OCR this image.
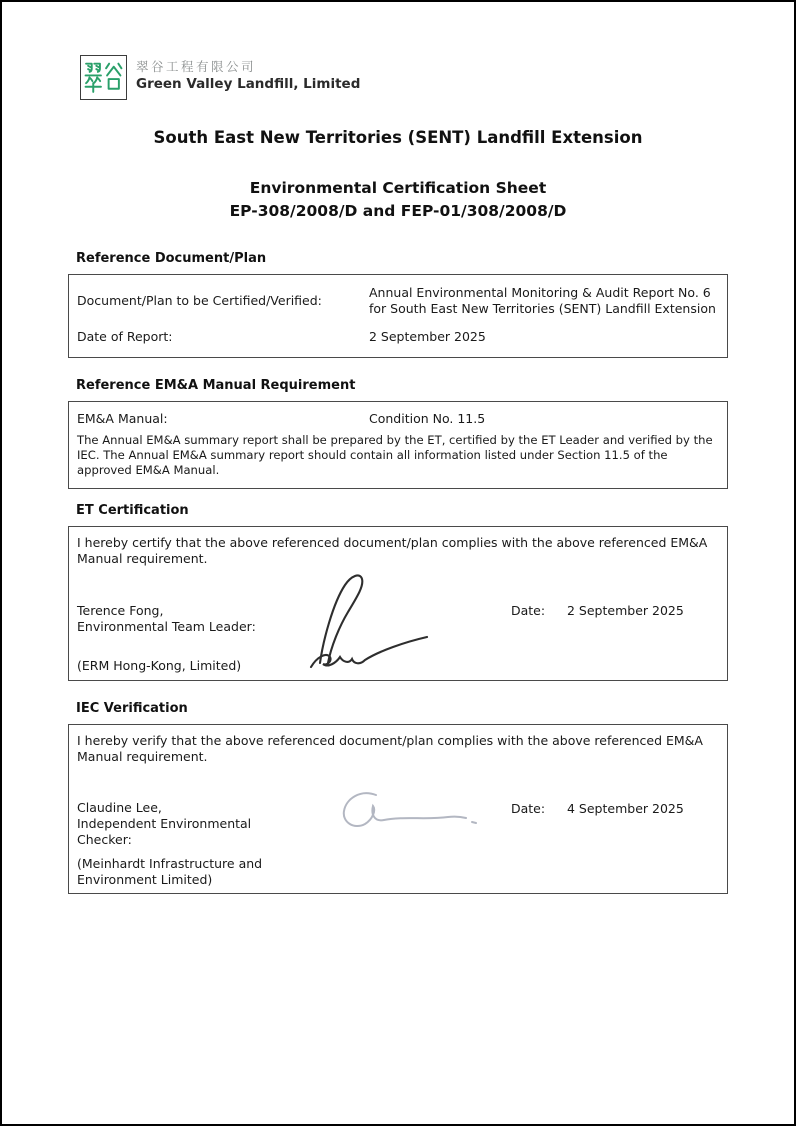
翠谷工程有限公司
Green Valley Landfill, Limited
South East New Territories (SENT) Landfill Extension
Environmental Certification Sheet
EP-308/2008/D and FEP-01/308/2008/D
Reference Document/Plan
Document/Plan to be Certified/Verified:
Annual Environmental Monitoring & Audit Report No. 6 for South East New Territories (SENT) Landfill Extension
Date of Report:	2 September 2025
Reference EM&A Manual Requirement
EM&A Manual:	Condition No. 11.5
The Annual EM&A summary report shall be prepared by the ET, certified by the ET Leader and verified by the IEC. The Annual EM&A summary report should contain all information listed under Section 11.5 of the approved EM&A Manual.
ET Certification
I hereby certify that the above referenced document/plan complies with the above referenced EM&A Manual requirement.
Terence Fong,
Environmental Team Leader:
Date: 2 September 2025
(ERM Hong-Kong, Limited)
IEC Verification
I hereby verify that the above referenced document/plan complies with the above referenced EM&A Manual requirement.
Claudine Lee,
Independent Environmental Checker:
Date: 4 September 2025
(Meinhardt Infrastructure and Environment Limited)
